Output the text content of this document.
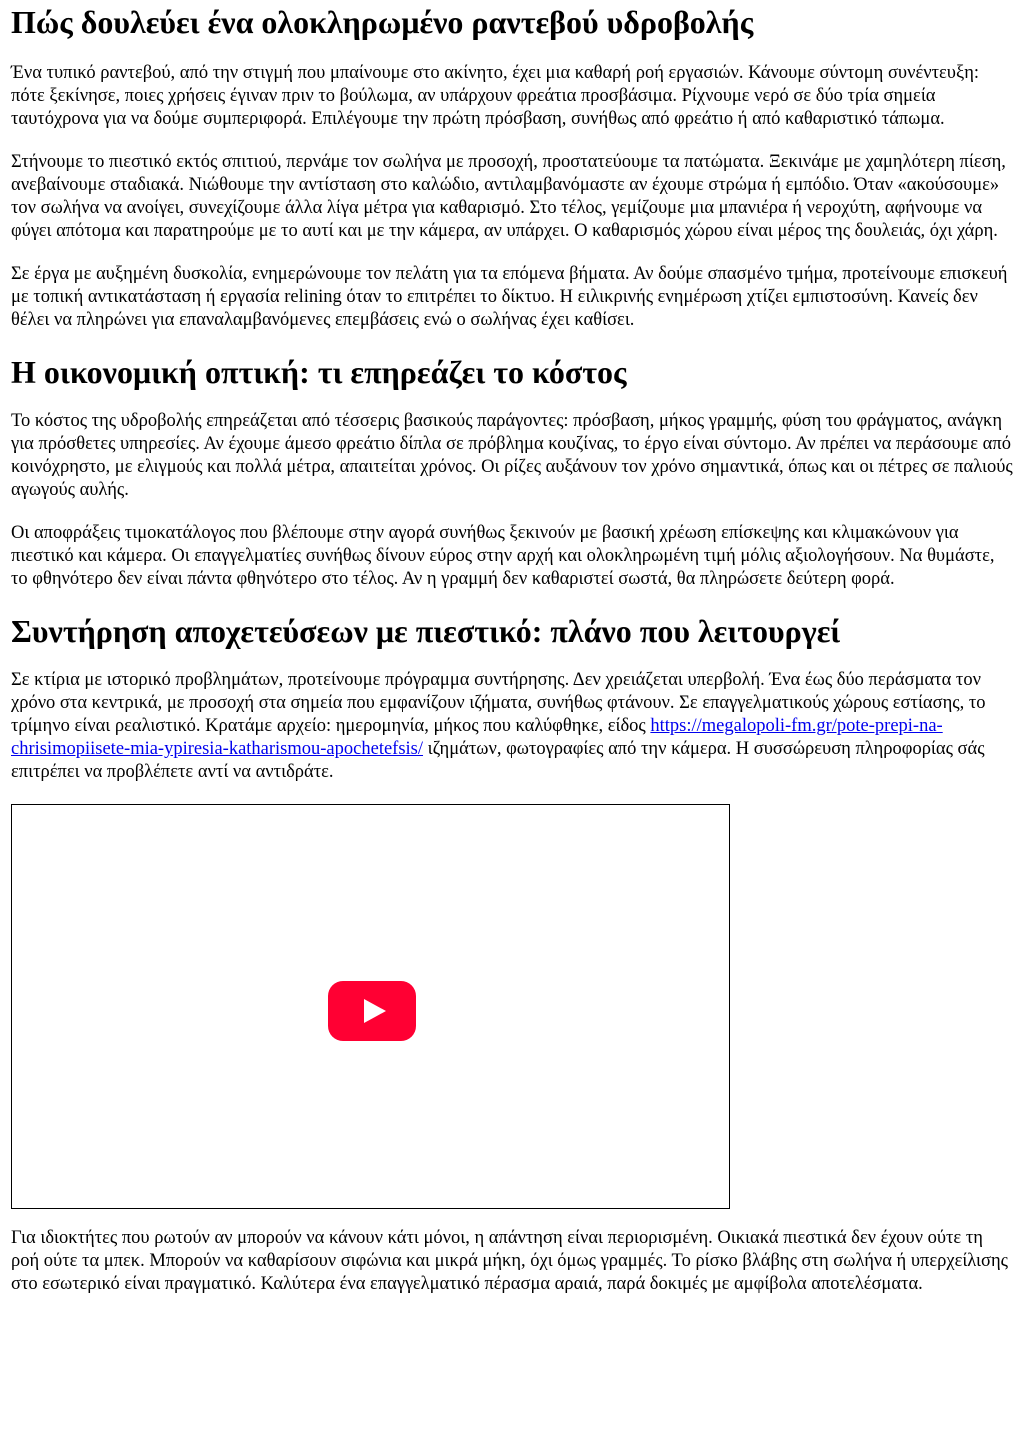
Πώς δουλεύει ένα ολοκληρωμένο ραντεβού υδροβολής

Ένα τυπικό ραντεβού, από την στιγμή που μπαίνουμε στο ακίνητο, έχει μια καθαρή ροή εργασιών. Κάνουμε σύντομη συνέντευξη: πότε ξεκίνησε, ποιες χρήσεις έγιναν πριν το βούλωμα, αν υπάρχουν φρεάτια προσβάσιμα. Ρίχνουμε νερό σε δύο τρία σημεία ταυτόχρονα για να δούμε συμπεριφορά. Επιλέγουμε την πρώτη πρόσβαση, συνήθως από φρεάτιο ή από καθαριστικό τάπωμα.

Στήνουμε το πιεστικό εκτός σπιτιού, περνάμε τον σωλήνα με προσοχή, προστατεύουμε τα πατώματα. Ξεκινάμε με χαμηλότερη πίεση, ανεβαίνουμε σταδιακά. Νιώθουμε την αντίσταση στο καλώδιο, αντιλαμβανόμαστε αν έχουμε στρώμα ή εμπόδιο. Όταν «ακούσουμε» τον σωλήνα να ανοίγει, συνεχίζουμε άλλα λίγα μέτρα για καθαρισμό. Στο τέλος, γεμίζουμε μια μπανιέρα ή νεροχύτη, αφήνουμε να φύγει απότομα και παρατηρούμε με το αυτί και με την κάμερα, αν υπάρχει. Ο καθαρισμός χώρου είναι μέρος της δουλειάς, όχι χάρη.

Σε έργα με αυξημένη δυσκολία, ενημερώνουμε τον πελάτη για τα επόμενα βήματα. Αν δούμε σπασμένο τμήμα, προτείνουμε επισκευή με τοπική αντικατάσταση ή εργασία relining όταν το επιτρέπει το δίκτυο. Η ειλικρινής ενημέρωση χτίζει εμπιστοσύνη. Κανείς δεν θέλει να πληρώνει για επαναλαμβανόμενες επεμβάσεις ενώ ο σωλήνας έχει καθίσει.

Η οικονομική οπτική: τι επηρεάζει το κόστος

Το κόστος της υδροβολής επηρεάζεται από τέσσερις βασικούς παράγοντες: πρόσβαση, μήκος γραμμής, φύση του φράγματος, ανάγκη για πρόσθετες υπηρεσίες. Αν έχουμε άμεσο φρεάτιο δίπλα σε πρόβλημα κουζίνας, το έργο είναι σύντομο. Αν πρέπει να περάσουμε από κοινόχρηστο, με ελιγμούς και πολλά μέτρα, απαιτείται χρόνος. Οι ρίζες αυξάνουν τον χρόνο σημαντικά, όπως και οι πέτρες σε παλιούς αγωγούς αυλής.

Οι αποφράξεις τιμοκατάλογος που βλέπουμε στην αγορά συνήθως ξεκινούν με βασική χρέωση επίσκεψης και κλιμακώνουν για πιεστικό και κάμερα. Οι επαγγελματίες συνήθως δίνουν εύρος στην αρχή και ολοκληρωμένη τιμή μόλις αξιολογήσουν. Να θυμάστε, το φθηνότερο δεν είναι πάντα φθηνότερο στο τέλος. Αν η γραμμή δεν καθαριστεί σωστά, θα πληρώσετε δεύτερη φορά.

Συντήρηση αποχετεύσεων με πιεστικό: πλάνο που λειτουργεί

Σε κτίρια με ιστορικό προβλημάτων, προτείνουμε πρόγραμμα συντήρησης. Δεν χρειάζεται υπερβολή. Ένα έως δύο περάσματα τον χρόνο στα κεντρικά, με προσοχή στα σημεία που εμφανίζουν ιζήματα, συνήθως φτάνουν. Σε επαγγελματικούς χώρους εστίασης, το τρίμηνο είναι ρεαλιστικό. Κρατάμε αρχείο: ημερομηνία, μήκος που καλύφθηκε, είδος https://megalopoli-fm.gr/pote-prepi-na-chrisimopiisete-mia-ypiresia-katharismou-apochetefsis/ ιζημάτων, φωτογραφίες από την κάμερα. Η συσσώρευση πληροφορίας σάς επιτρέπει να προβλέπετε αντί να αντιδράτε.

Για ιδιοκτήτες που ρωτούν αν μπορούν να κάνουν κάτι μόνοι, η απάντηση είναι περιορισμένη. Οικιακά πιεστικά δεν έχουν ούτε τη ροή ούτε τα μπεκ. Μπορούν να καθαρίσουν σιφώνια και μικρά μήκη, όχι όμως γραμμές. Το ρίσκο βλάβης στη σωλήνα ή υπερχείλισης στο εσωτερικό είναι πραγματικό. Καλύτερα ένα επαγγελματικό πέρασμα αραιά, παρά δοκιμές με αμφίβολα αποτελέσματα.
